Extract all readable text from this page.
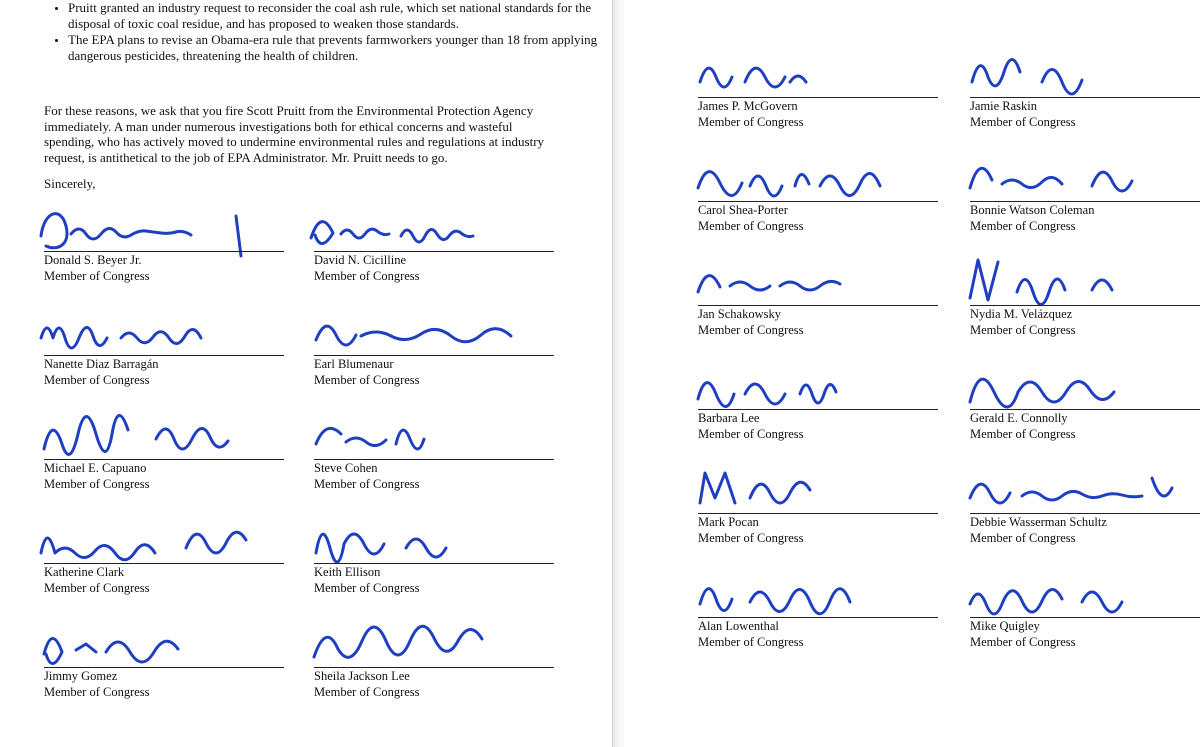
• Pruitt granted an industry request to reconsider the coal ash rule, which set national standards for the disposal of toxic coal residue, and has proposed to weaken those standards.
• The EPA plans to revise an Obama-era rule that prevents farmworkers younger than 18 from applying dangerous pesticides, threatening the health of children.

For these reasons, we ask that you fire Scott Pruitt from the Environmental Protection Agency immediately. A man under numerous investigations both for ethical concerns and wasteful spending, who has actively moved to undermine environmental rules and regulations at industry request, is antithetical to the job of EPA Administrator. Mr. Pruitt needs to go.

Sincerely,

Donald S. Beyer Jr.
Member of Congress
David N. Cicilline
Member of Congress
Nanette Diaz Barragán
Member of Congress
Earl Blumenaur
Member of Congress
Michael E. Capuano
Member of Congress
Steve Cohen
Member of Congress
Katherine Clark
Member of Congress
Keith Ellison
Member of Congress
Jimmy Gomez
Member of Congress
Sheila Jackson Lee
Member of Congress
James P. McGovern
Member of Congress
Jamie Raskin
Member of Congress
Carol Shea-Porter
Member of Congress
Bonnie Watson Coleman
Member of Congress
Jan Schakowsky
Member of Congress
Nydia M. Velázquez
Member of Congress
Barbara Lee
Member of Congress
Gerald E. Connolly
Member of Congress
Mark Pocan
Member of Congress
Debbie Wasserman Schultz
Member of Congress
Alan Lowenthal
Member of Congress
Mike Quigley
Member of Congress
